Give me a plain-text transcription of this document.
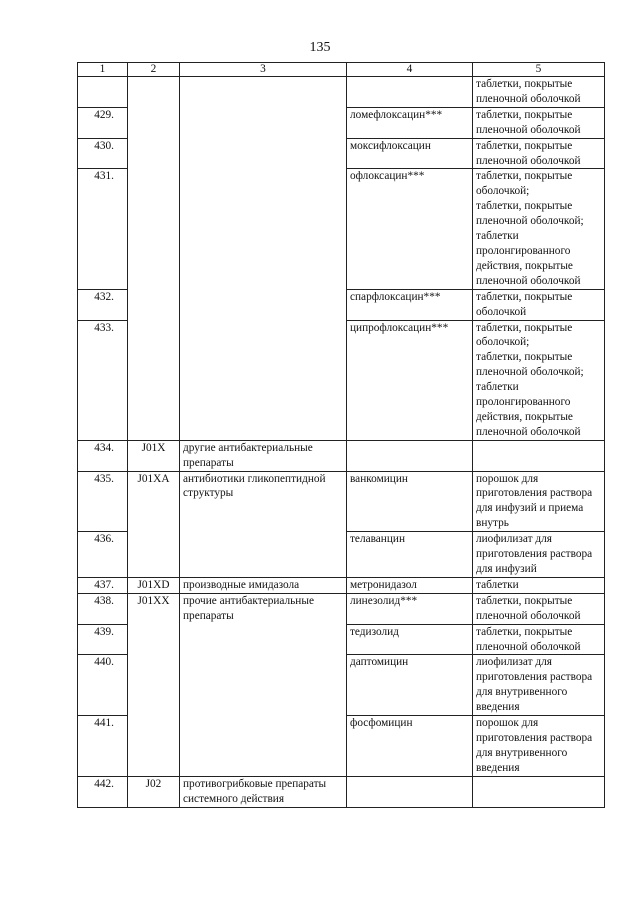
135
1	2	3	4	5
				таблетки, покрытые пленочной оболочкой
429.			ломефлоксацин***	таблетки, покрытые пленочной оболочкой
430.			моксифлоксацин	таблетки, покрытые пленочной оболочкой
431.			офлоксацин***	таблетки, покрытые оболочкой;
таблетки, покрытые пленочной оболочкой;
таблетки пролонгированного действия, покрытые пленочной оболочкой
432.			спарфлоксацин***	таблетки, покрытые оболочкой
433.			ципрофлоксацин***	таблетки, покрытые оболочкой;
таблетки, покрытые пленочной оболочкой;
таблетки пролонгированного действия, покрытые пленочной оболочкой
434.	J01X	другие антибактериальные препараты		
435.	J01XA	антибиотики гликопептидной структуры	ванкомицин	порошок для приготовления раствора для инфузий и приема внутрь
436.			телаванцин	лиофилизат для приготовления раствора для инфузий
437.	J01XD	производные имидазола	метронидазол	таблетки
438.	J01XX	прочие антибактериальные препараты	линезолид***	таблетки, покрытые пленочной оболочкой
439.			тедизолид	таблетки, покрытые пленочной оболочкой
440.			даптомицин	лиофилизат для приготовления раствора для внутривенного введения
441.			фосфомицин	порошок для приготовления раствора для внутривенного введения
442.	J02	противогрибковые препараты системного действия		
